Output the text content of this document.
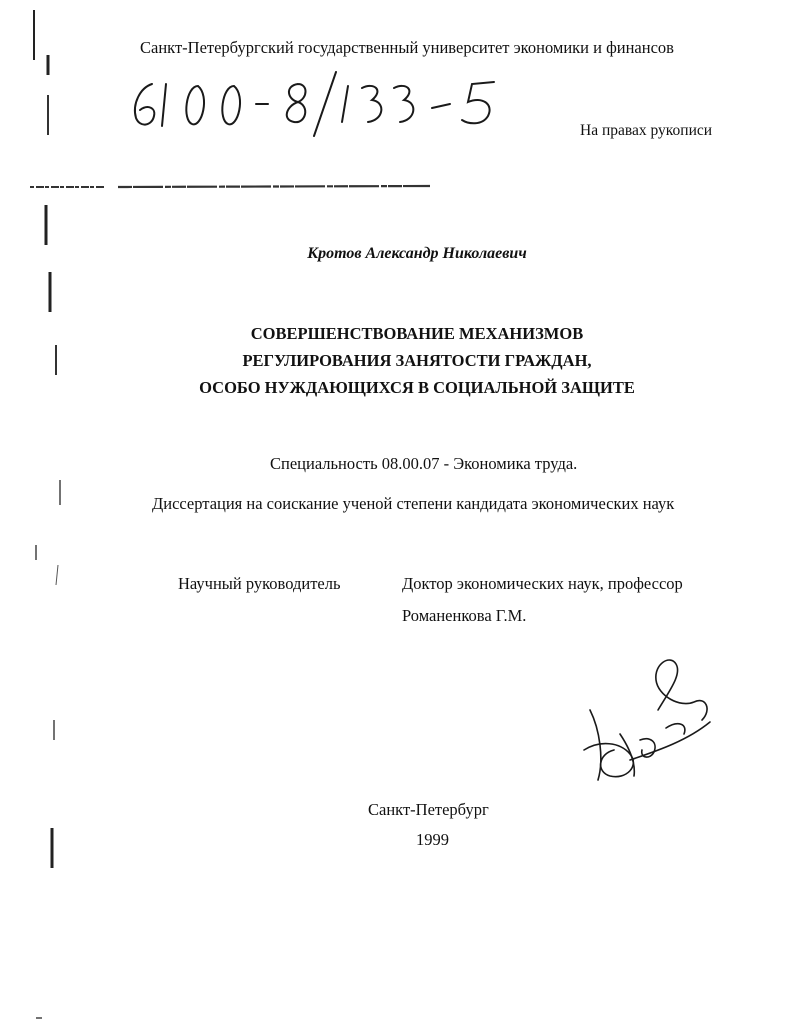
Санкт-Петербургский государственный университет экономики и финансов
На правах рукописи
Кротов Александр Николаевич
СОВЕРШЕНСТВОВАНИЕ МЕХАНИЗМОВ
РЕГУЛИРОВАНИЯ ЗАНЯТОСТИ ГРАЖДАН,
ОСОБО НУЖДАЮЩИХСЯ В СОЦИАЛЬНОЙ ЗАЩИТЕ
Специальность 08.00.07 - Экономика труда.
Диссертация на соискание ученой степени кандидата экономических наук
Научный руководитель	Доктор экономических наук, профессор
Романенкова Г.М.
Санкт-Петербург
1999
